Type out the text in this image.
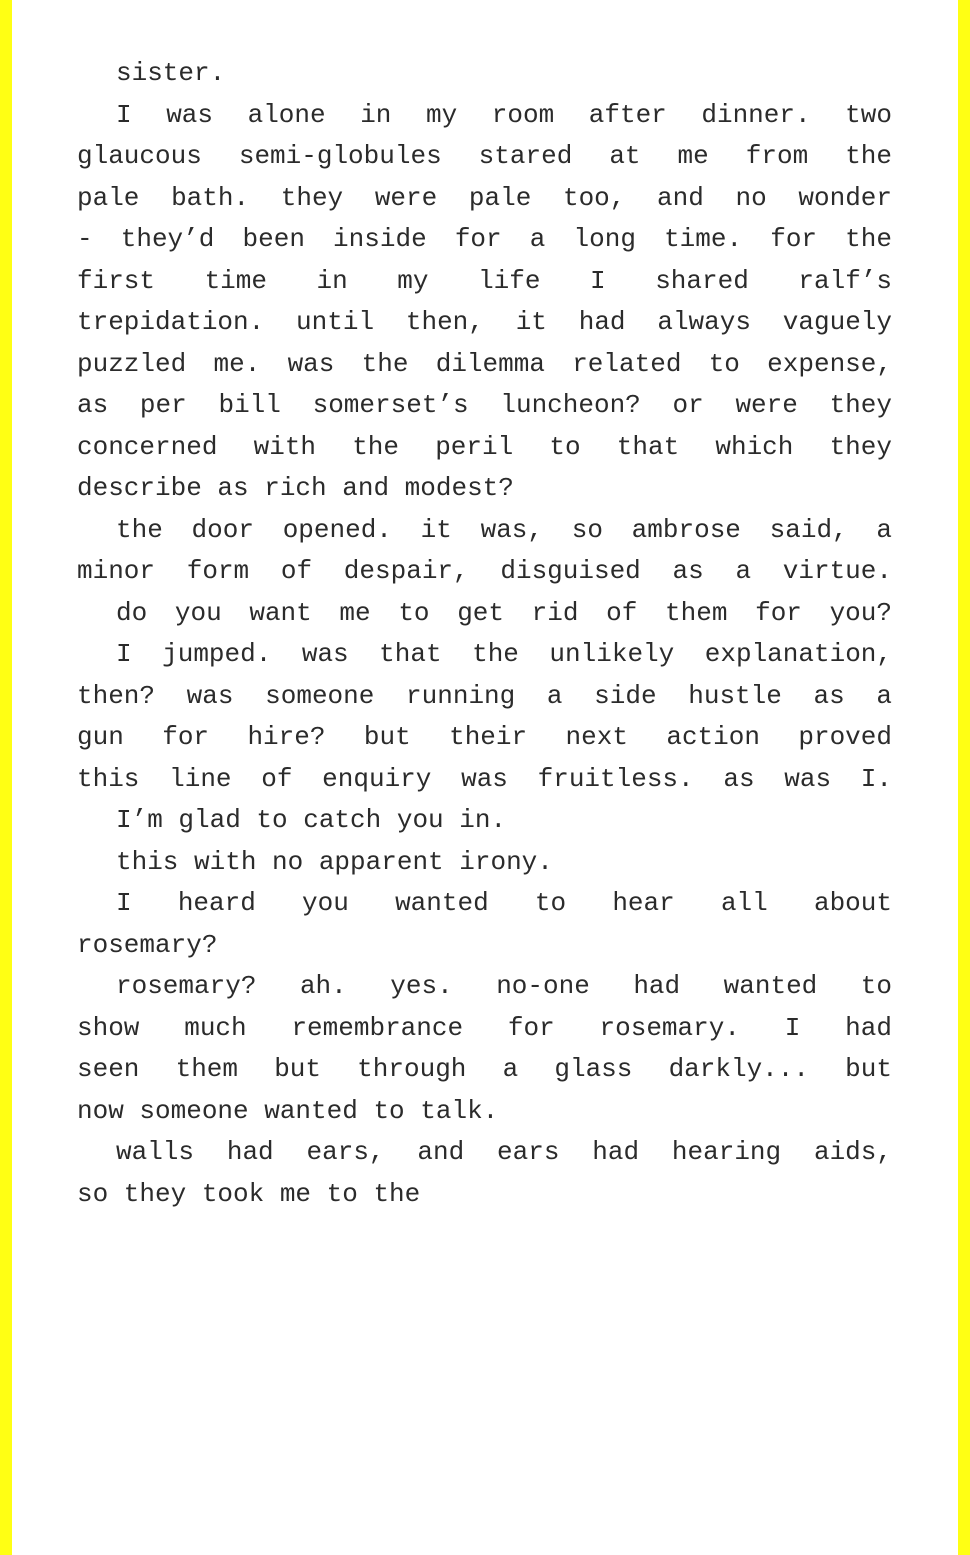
sister.
I was alone in my room after dinner. two
glaucous semi-globules stared at me from the
pale bath. they were pale too, and no wonder
- they’d been inside for a long time. for the
first time in my life I shared ralf’s
trepidation. until then, it had always vaguely
puzzled me. was the dilemma related to expense,
as per bill somerset’s luncheon? or were they
concerned with the peril to that which they
describe as rich and modest?
the door opened. it was, so ambrose said, a
minor form of despair, disguised as a virtue.
do you want me to get rid of them for you?
I jumped. was that the unlikely explanation,
then? was someone running a side hustle as a
gun for hire? but their next action proved
this line of enquiry was fruitless. as was I.
I’m glad to catch you in.
this with no apparent irony.
I heard you wanted to hear all about
rosemary?
rosemary? ah. yes. no-one had wanted to
show much remembrance for rosemary. I had
seen them but through a glass darkly... but
now someone wanted to talk.
walls had ears, and ears had hearing aids,
so they took me to the
